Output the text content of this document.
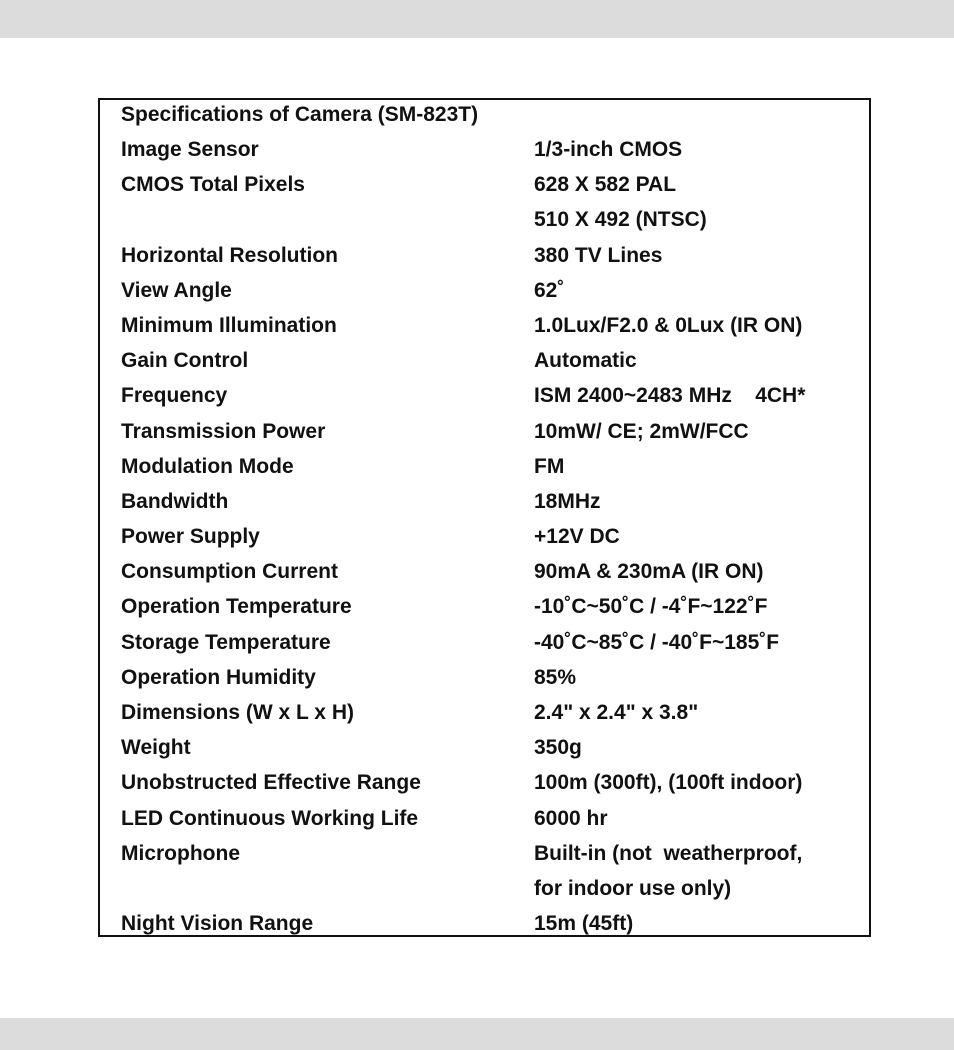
Specifications of Camera (SM-823T)
Image Sensor	1/3-inch CMOS
CMOS Total Pixels	628 X 582 PAL
510 X 492 (NTSC)
Horizontal Resolution	380 TV Lines
View Angle	62˚
Minimum Illumination	1.0Lux/F2.0 & 0Lux (IR ON)
Gain Control	Automatic
Frequency	ISM 2400~2483 MHz    4CH*
Transmission Power	10mW/ CE; 2mW/FCC
Modulation Mode	FM
Bandwidth	18MHz
Power Supply	+12V DC
Consumption Current	90mA & 230mA (IR ON)
Operation Temperature	-10˚C~50˚C / -4˚F~122˚F
Storage Temperature	-40˚C~85˚C / -40˚F~185˚F
Operation Humidity	85%
Dimensions (W x L x H)	2.4" x 2.4" x 3.8"
Weight	350g
Unobstructed Effective Range	100m (300ft), (100ft indoor)
LED Continuous Working Life	6000 hr
Microphone	Built-in (not  weatherproof,
for indoor use only)
Night Vision Range	15m (45ft)
